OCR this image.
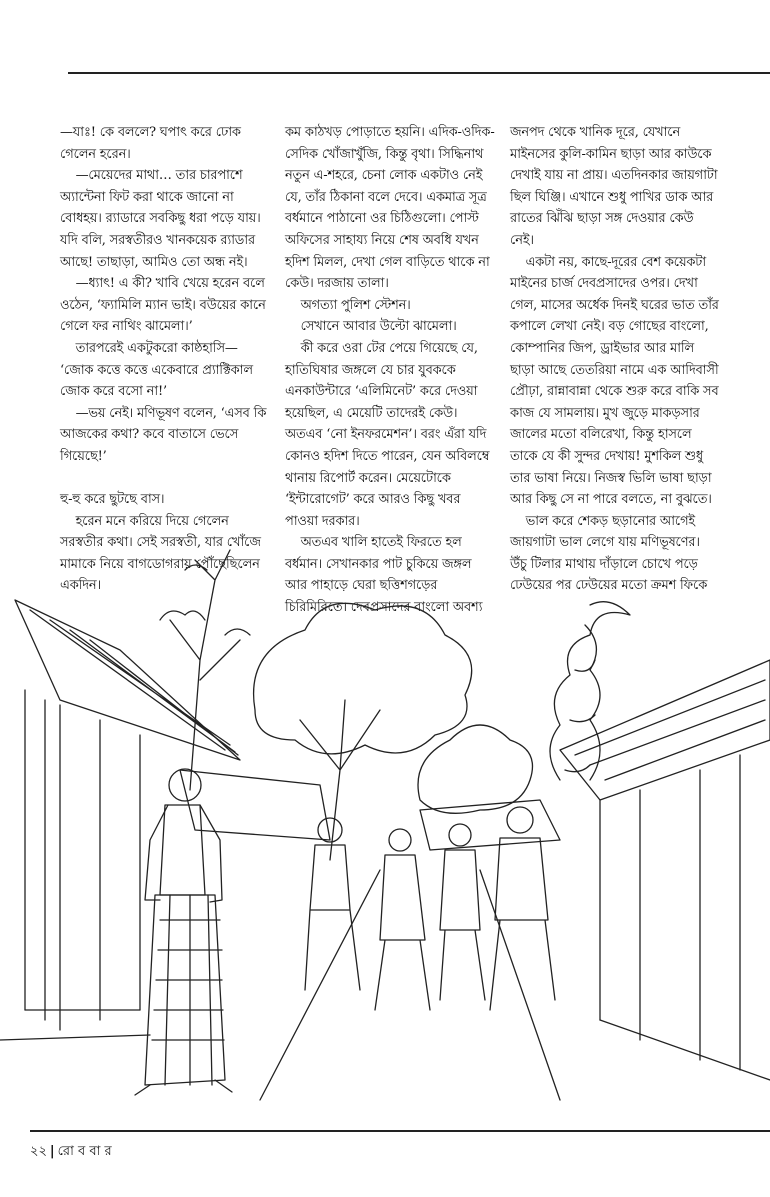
—যাঃ! কে বললে? ঘপাৎ করে ঢোক গেলেন হরেন।

—মেয়েদের মাথা… তার চারপাশে অ্যান্টেনা ফিট করা থাকে জানো না বোধহয়। র‍্যাডারে সবকিছু ধরা পড়ে যায়। যদি বলি, সরস্বতীরও খানকয়েক র‍্যাডার আছে! তাছাড়া, আমিও তো অন্ধ নই।

—ধ্যাৎ! এ কী? খাবি খেয়ে হরেন বলে ওঠেন, ‘ফ্যামিলি ম্যান ভাই। বউয়ের কানে গেলে ফর নাথিং ঝামেলা।’

তারপরেই একটুকরো কাষ্ঠহাসি— ‘জোক কত্তে কত্তে একেবারে প্র্যাক্টিকাল জোক করে বসো না!’

—ভয় নেই। মণিভূষণ বলেন, ‘এসব কি আজকের কথা? কবে বাতাসে ভেসে গিয়েছে!’

হু-হু করে ছুটছে বাস।

হরেন মনে করিয়ে দিয়ে গেলেন সরস্বতীর কথা। সেই সরস্বতী, যার খোঁজে মামাকে নিয়ে বাগডোগরায় পৌঁছেছিলেন একদিন।

কম কাঠখড় পোড়াতে হয়নি। এদিক-ওদিক-সেদিক খোঁজাখুঁজি, কিন্তু বৃথা। সিদ্ধিনাথ নতুন এ-শহরে, চেনা লোক একটাও নেই যে, তাঁর ঠিকানা বলে দেবে। একমাত্র সূত্র বর্ধমানে পাঠানো ওর চিঠিগুলো। পোস্ট অফিসের সাহায্য নিয়ে শেষ অবধি যখন হদিশ মিলল, দেখা গেল বাড়িতে থাকে না কেউ। দরজায় তালা।

অগত্যা পুলিশ স্টেশন।

সেখানে আবার উল্টো ঝামেলা।

কী করে ওরা টের পেয়ে গিয়েছে যে, হাতিঘিষার জঙ্গলে যে চার যুবককে এনকাউন্টারে ‘এলিমিনেট’ করে দেওয়া হয়েছিল, এ মেয়েটি তাদেরই কেউ। অতএব ‘নো ইনফরমেশন’। বরং এঁরা যদি কোনও হদিশ দিতে পারেন, যেন অবিলম্বে থানায় রিপোর্ট করেন। মেয়েটোকে ‘ইন্টারোগেট’ করে আরও কিছু খবর পাওয়া দরকার।

অতএব খালি হাতেই ফিরতে হল বর্ধমান। সেখানকার পাট চুকিয়ে জঙ্গল আর পাহাড়ে ঘেরা ছত্তিশগড়ের চিরিমিরিতে। দেবপ্রসাদের বাংলো অবশ্য

জনপদ থেকে খানিক দূরে, যেখানে মাইনসের কুলি-কামিন ছাড়া আর কাউকে দেখাই যায় না প্রায়। এতদিনকার জায়গাটা ছিল ঘিঞ্জি। এখানে শুধু পাখির ডাক আর রাতের ঝিঁঝি ছাড়া সঙ্গ দেওয়ার কেউ নেই।

একটা নয়, কাছে-দূরের বেশ কয়েকটা মাইনের চার্জ দেবপ্রসাদের ওপর। দেখা গেল, মাসের অর্ধেক দিনই ঘরের ভাত তাঁর কপালে লেখা নেই। বড় গোছের বাংলো, কোম্পানির জিপ, ড্রাইভার আর মালি ছাড়া আছে তেতরিয়া নামে এক আদিবাসী প্রৌঢ়া, রান্নাবান্না থেকে শুরু করে বাকি সব কাজ যে সামলায়। মুখ জুড়ে মাকড়সার জালের মতো বলিরেখা, কিন্তু হাসলে তাকে যে কী সুন্দর দেখায়! মুশকিল শুধু তার ভাষা নিয়ে। নিজস্ব ভিলি ভাষা ছাড়া আর কিছু সে না পারে বলতে, না বুঝতে।

ভাল করে শেকড় ছড়ানোর আগেই জায়গাটা ভাল লেগে যায় মণিভূষণের। উঁচু টিলার মাথায় দাঁড়ালে চোখে পড়ে ঢেউয়ের পর ঢেউয়ের মতো ক্রমশ ফিকে

২২ | রো ব বা র
